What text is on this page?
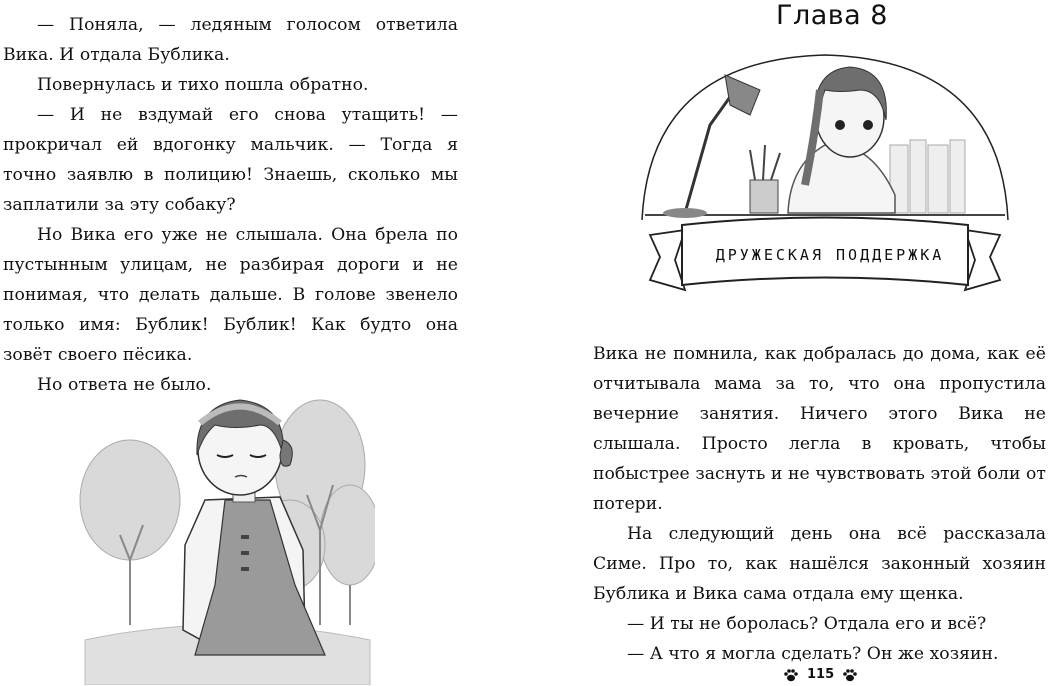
— Поняла, — ледяным голосом ответила Вика. И отдала Бублика.

Повернулась и тихо пошла обратно.

— И не вздумай его снова утащить! — прокричал ей вдогонку мальчик. — Тогда я точно заявлю в полицию! Знаешь, сколько мы заплатили за эту собаку?

Но Вика его уже не слышала. Она брела по пустынным улицам, не разбирая дороги и не понимая, что делать дальше. В голове звенело только имя: Бублик! Бублик! Как будто она зовёт своего пёсика.

Но ответа не было.

Глава 8
ДРУЖЕСКАЯ ПОДДЕРЖКА

Вика не помнила, как добралась до дома, как её отчитывала мама за то, что она пропустила вечерние занятия. Ничего этого Вика не слышала. Просто легла в кровать, чтобы побыстрее заснуть и не чувствовать этой боли от потери.

На следующий день она всё рассказала Симе. Про то, как нашёлся законный хозяин Бублика и Вика сама отдала ему щенка.

— И ты не боролась? Отдала его и всё?

— А что я могла сделать? Он же хозяин.

115
